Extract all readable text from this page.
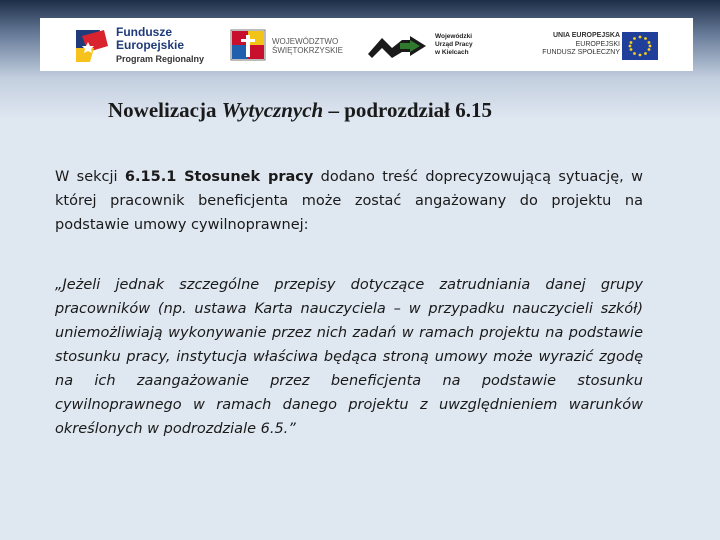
Fundusze
Europejskie
Program Regionalny
WOJEWÓDZTWO
ŚWIĘTOKRZYSKIE
Wojewódzki
Urząd Pracy
w Kielcach
UNIA EUROPEJSKA
EUROPEJSKI
FUNDUSZ SPOŁECZNY
Nowelizacja Wytycznych – podrozdział 6.15

W sekcji 6.15.1 Stosunek pracy dodano treść doprecyzowującą sytuację, w której pracownik beneficjenta może zostać angażowany do projektu na podstawie umowy cywilnoprawnej:

„Jeżeli jednak szczególne przepisy dotyczące zatrudniania danej grupy pracowników (np. ustawa Karta nauczyciela – w przypadku nauczycieli szkół) uniemożliwiają wykonywanie przez nich zadań w ramach projektu na podstawie stosunku pracy, instytucja właściwa będąca stroną umowy może wyrazić zgodę na ich zaangażowanie przez beneficjenta na podstawie stosunku cywilnoprawnego w ramach danego projektu z uwzględnieniem warunków określonych w podrozdziale 6.5.”
